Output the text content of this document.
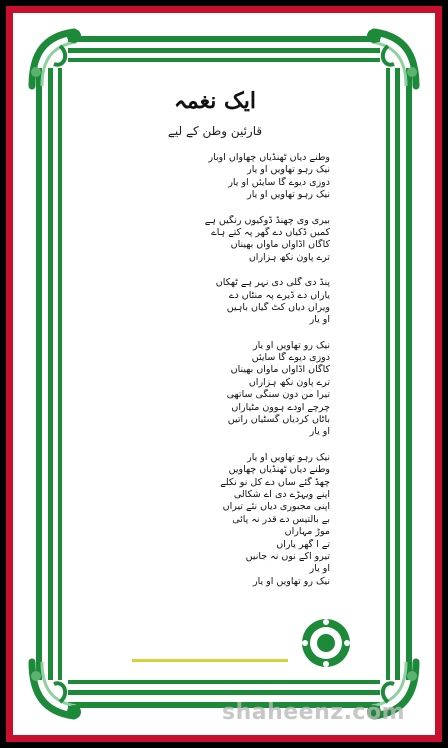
ایک نغمہ
قارئین وطن کے لیے
وطنے دیاں ٹھنڈیاں چھاواں اوبار
نیک رہو تھاویں او یار
دوزی دیوے گا سایئں او یار
نیک رہو تھاویں او یار
بیری وی چھنڈ ڈوکیوں رنگیں ہے
کمیں ڈکیاں دے گھر پہ کتے ہاے
کاگاں اڈاواں ماواں بھیناں
ترے پاون نکھ ہزاراں
پنڈ دی گلی دی نہر ہے ٹھکاں
یاراں دے ڈیرے پہ منٹاں دے
ویراں دیاں کٹ گیاں باہیں
او یار
نیک رو تھاویں او یار
دوزی دیوے گا سایئں
کاگاں اڈاواں ماواں بھیناں
ترے پاون نکھ ہزاراں
تیرا من دون سنگی ساتھی
چرچے اودے ہوون مٹیاراں
باٹاں کردیاں گسٹیاں راتیں
او یار
نیک رہو تھاویں او یار
وطنے دیاں ٹھنڈیاں چھاویں
چھڈ گئے ساں دے کل نو نکلے
اپنے ویہڑے دی اے شکالی
اپنی مجبوری دیاں نئے تیراں
بے بالتیس دے قدر نہ پائی
موڑ مہاراں
تے آ گھر یاراں
تیرو آکے نوں نہ جانیں
او یار
نیک رو تھاویں او یار
shaheenz.com
